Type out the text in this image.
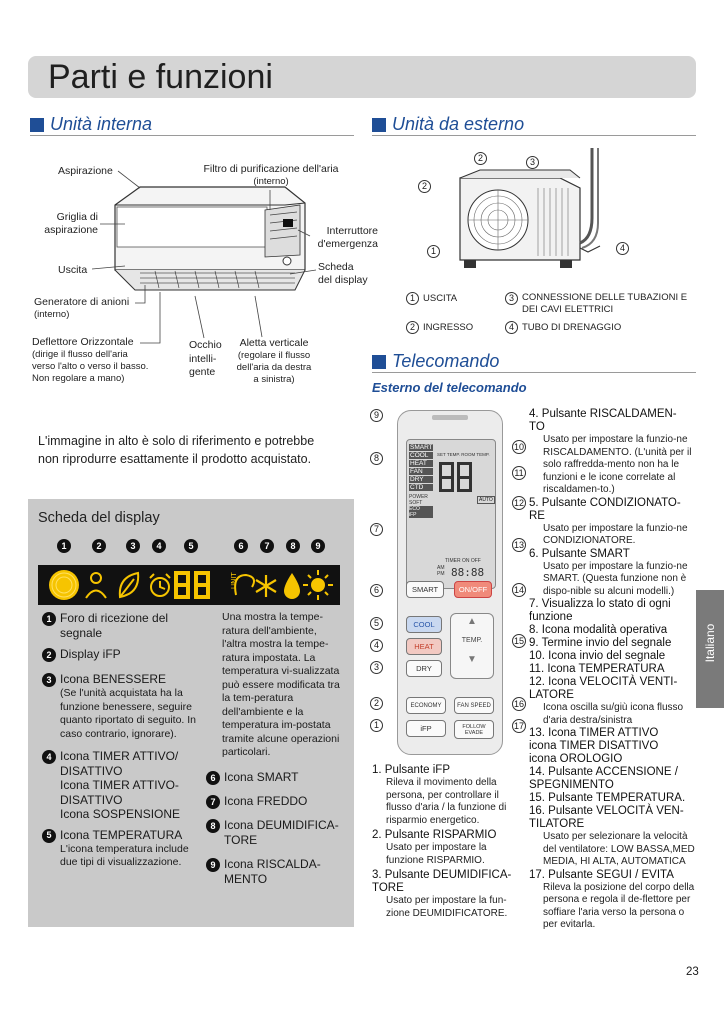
Parti e funzioni
Unità interna	Unità da esterno
Aspirazione	Filtro di purificazione dell'aria
(interno)
Griglia di
aspirazione	Interruttore
d'emergenza
Uscita	Scheda
del display
Generatore di anioni
(interno)
Deflettore Orizzontale
(dirige il flusso dell'aria
verso l'alto o verso il basso.
Non regolare a mano)
Occhio
intelli-
gente
Aletta verticale
(regolare il flusso
dell'aria da destra
a sinistra)
2	3
2
1	4
1 USCITA	3 CONNESSIONE DELLE TUBAZIONI E DEI CAVI ELETTRICI
2 INGRESSO	4 TUBO DI DRENAGGIO
Telecomando
Esterno del telecomando
L'immagine in alto è solo di riferimento e potrebbe non riprodurre esattamente il prodotto acquistato.
Scheda del display
1	2	3	4	5	6	7	8	9
UNIT
1 Foro di ricezione del segnale
2 Display iFP
3 Icona BENESSERE
(Se l'unità acquistata ha la funzione benessere, seguire quanto riportato di seguito. In caso contrario, ignorare).
4 Icona TIMER ATTIVO/ DISATTIVO
Icona TIMER ATTIVO-DISATTIVO
Icona SOSPENSIONE
5 Icona TEMPERATURA
L'icona temperatura include due tipi di visualizzazione.
Una mostra la tempe-ratura dell'ambiente, l'altra mostra la tempe-ratura impostata. La temperatura vi-sualizzata può essere modificata tra la tem-peratura dell'ambiente e la temperatura im-postata tramite alcune operazioni particolari.
6 Icona SMART
7 Icona FREDDO
8 Icona DEUMIDIFICA-TORE
9 Icona RISCALDA-MENTO
SET TEMP. ROOM TEMP.
SMART
COOL
HEAT
FAN
DRY
CTD
POWER
SOFT
ECO
iFP
AUTO
TIMER ON OFF
AM
PM 88:88
SMART	ON/OFF
COOL
HEAT
DRY
▲
TEMP.
▼
ECONOMY	FAN SPEED
iFP	FOLLOW
EVADE
9
8
7
6
5
4
3
2
1
10
11
12
13
14
15
16
17
1. Pulsante iFP
Rileva il movimento della persona, per controllare il flusso d'aria / la funzione di risparmio energetico.
2. Pulsante RISPARMIO
Usato per impostare la funzione RISPARMIO.
3. Pulsante DEUMIDIFICA-
TORE
Usato per impostare la fun-zione DEUMIDIFICATORE.
4. Pulsante RISCALDAMEN-
TO
Usato per impostare la funzio-ne RISCALDAMENTO. (L'unità per il solo raffredda-mento non ha le funzioni e le icone correlate al riscaldamen-to.)
5. Pulsante CONDIZIONATO-
RE
Usato per impostare la funzio-ne CONDIZIONATORE.
6. Pulsante SMART
Usato per impostare la funzio-ne SMART. (Questa funzione non è dispo-nible su alcuni modelli.)
7. Visualizza lo stato di ogni
funzione
8. Icona modalità operativa
9. Termine invio del segnale
10. Icona invio del segnale
11. Icona TEMPERATURA
12. Icona VELOCITÀ VENTI-
LATORE
Icona oscilla su/giù icona flusso d'aria destra/sinistra
13. Icona TIMER ATTIVO
icona TIMER DISATTIVO
icona OROLOGIO
14. Pulsante ACCENSIONE /
SPEGNIMENTO
15. Pulsante TEMPERATURA.
16. Pulsante VELOCITÀ VEN-
TILATORE
Usato per selezionare la velocità del ventilatore: LOW BASSA,MED MEDIA, HI ALTA, AUTOMATICA
17. Pulsante SEGUI / EVITA
Rileva la posizione del corpo della persona e regola il de-flettore per soffiare l'aria verso la persona o per evitarla.
Italiano
23
